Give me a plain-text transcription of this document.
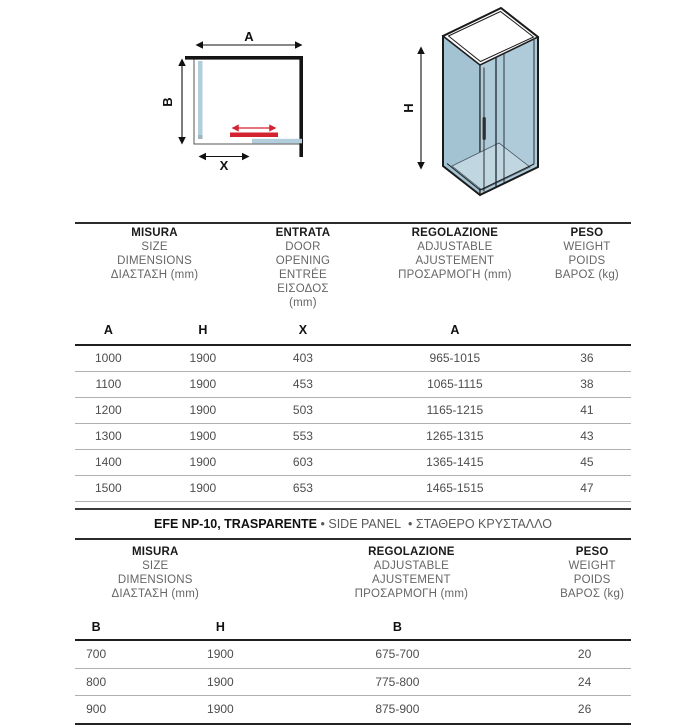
A
B
X
H
MISURA
SIZE
DIMENSIONS
ΔΙΑΣΤΑΣΗ (mm)
ENTRATA
DOOR OPENING
ENTRÉE
ΕΙΣΟΔΟΣ (mm)
REGOLAZIONE
ADJUSTABLE
AJUSTEMENT
ΠΡΟΣΑΡΜΟΓΗ (mm)
PESO
WEIGHT
POIDS
ΒΑΡΟΣ (kg)
A	H	X	A
1000	1900	403	965-1015	36
1100	1900	453	1065-1115	38
1200	1900	503	1165-1215	41
1300	1900	553	1265-1315	43
1400	1900	603	1365-1415	45
1500	1900	653	1465-1515	47
EFE NP-10, TRASPARENTE • SIDE PANEL • ΣΤΑΘΕΡΟ ΚΡΥΣΤΑΛΛΟ
MISURA
SIZE
DIMENSIONS
ΔΙΑΣΤΑΣΗ (mm)
REGOLAZIONE
ADJUSTABLE
AJUSTEMENT
ΠΡΟΣΑΡΜΟΓΗ (mm)
PESO
WEIGHT
POIDS
ΒΑΡΟΣ (kg)
B	H	B
700	1900	675-700	20
800	1900	775-800	24
900	1900	875-900	26
